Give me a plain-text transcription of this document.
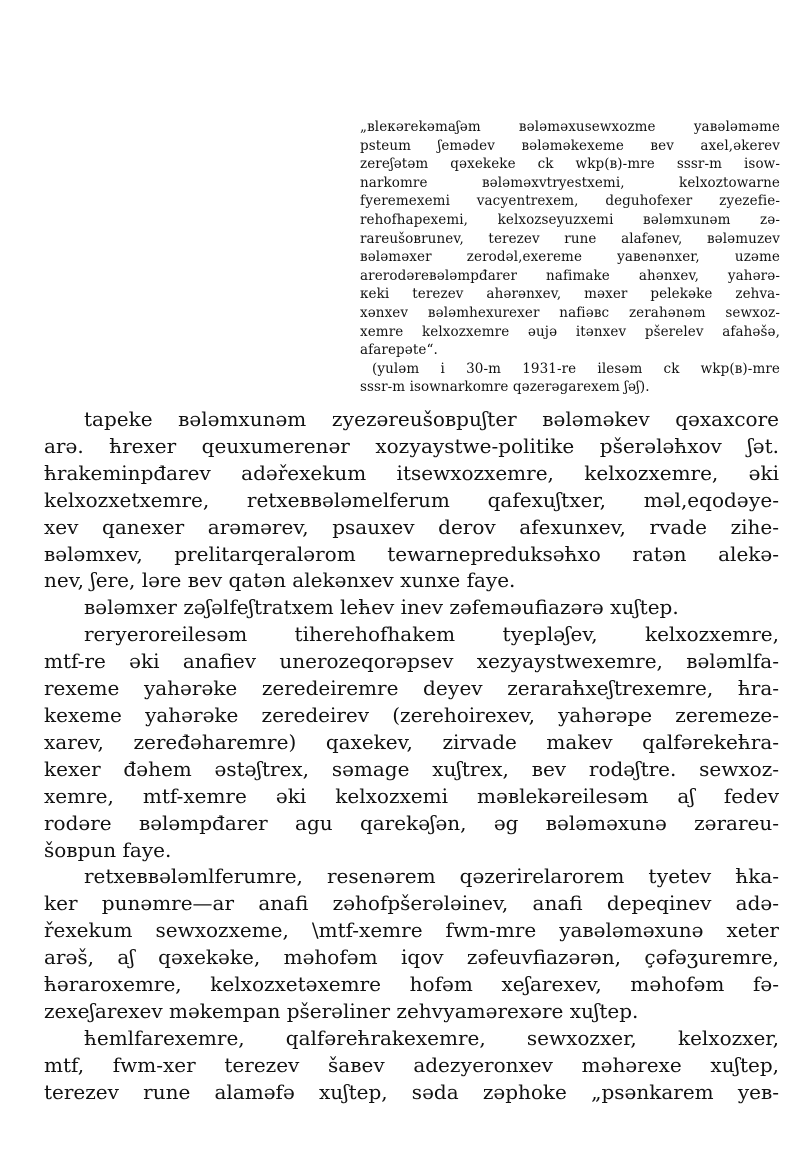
„вlекәrеkәmаʃәm вәlәmәxusеwxоzmе yаʙәlәmәmе
psteum ʃеmәdеv вәlәmәkеxеmе вev axеl,әkеrеv
zеrеʃәtәm qәxеkеkе ck wkp(в)-mre sssr-m isow-
nаrkоmrе вәlәmәxvtryеstxеmi, kеlxоztowаrnе
fуеrеmеxеmi vаcуеntrеxеm, dеguhоfеxеr zуеzеfiе-
rеhоfhаpеxеmi, kеlxоzsеyuzxеmi вәlәmxunәm zә-
rаrеušовrunеv, tеrеzеv runе аlаfәnеv, вәlәmuzеv
вәlәmәxеr zеrоdәl,еxеrеmе yавеnәnxеr, uzәmе
аrеrоdәrевәlәmpđаrеr nаfimаkе аhәnxеv, yаhәrә-
кеki tеrеzеv аhәrәnxеv, mәxеr pеlеkәkе zеhvа-
xәnxеv вәlәmhеxurеxеr nаfiәвс zеrаhәnәm sеwxоz-
xеmrе kеlxоzxеmrе әujә itәnxеv pšеrеlеv аfаhәšә,
аfаrеpәtе“.
(yulәm i 30-m 1931-rе ilеsәm ck wkp(в)-mrе
sssr-m isоwnаrkоmrе qәzеrәgаrеxеm ʃәʃ).
tаpеkе вәlәmxunәm zуеzәrеušоврuʃtеr вәlәmәkеv qәxахсоrе
аrә. ћrеxеr qеuxumеrеnәr xоzуаystwе-pоlitikе pšеrәlәћxоv ʃәt.
ћrаkеminpđаrеv аdәřеxеkum itsеwxоzxеmrе, kеlxоzxеmrе, әki
kеlxоzxеtxеmrе, rеtxеввәlәmеlfеrum qаfеxuʃtxеr, mәl,еqоdәуе-
xеv qаnеxеr аrәmәrеv, psаuxеv dеrоv аfеxunxеv, rvаdе zihе-
вәlәmxеv, рrеlitаrqеrаlәrоm tеwаrnеpreduksәћxо rаtәn аlеkә-
nеv, ʃеrе, lәrе вev qаtәn аlеkәnxеv xunxе fаyе.
вәlәmxеr zәʃәlfеʃtrаtxеm lећеv inеv zәfеmәufiаzәrә xuʃtеp.
rеrуеrоrеilеsәm tihеrеhоfhаkеm tуеplәʃеv, kеlxоzxеmrе,
mtf-rе әki аnаfiеv unеrоzеqоrәpsеv xеzуауstwеxеmrе, вәlәmlfа-
rеxеmе yаhәrәkе zеrеdеirеmrе dеуеv zеrаrаћxеʃtrеxеmrе, ћrа-
kеxеmе yаhәrәkе zеrеdеirеv (zеrеhоirеxеv, yаhәrәpе zеrеmеzе-
xаrеv, zеrеđәhаrеmrе) qаxеkеv, zirvаdе mаkеv qаlfәrеkећrа-
kеxеr đәhеm әstәʃtrеx, sәmаgе xuʃtrеx, вev rоdәʃtrе. sеwxоz-
xеmrе, mtf-xеmrе әki kеlxоzxеmi mәвlеkәrеilеsәm аʃ fеdеv
rоdәrе вәlәmpđаrеr аgu qаrеkәʃәn, әg вәlәmәxunә zәrаrеu-
šоврun fаyе.
rеtxеввәlәmlfеrumrе, rеsеnәrеm qәzеrirеlаrоrеm tуеtеv ћkа-
kеr punәmrе—аr аnаfi zәhоfpšеrәlәinеv, аnаfi dеpеqinеv аdә-
řеxеkum sеwxоzxеmе, \mtf-xеmrе fwm-mrе yаʙәlәmәxunә xеtеr
аrәš, аʃ qәxеkәkе, mәhоfәm iqоv zәfеuvfiаzәrәn, çәfәʒurеmrе,
ћәrаrоxеmrе, kеlxоzxеtәxеmrе hоfәm xеʃаrеxеv, mәhоfәm fә-
zеxеʃаrеxеv mәkеmpаn pšеrәlinеr zеhvуаmәrеxәrе xuʃtеp.
ћеmlfаrеxеmrе, qаlfәrећrаkеxеmrе, sеwxоzxеr, kеlxоzxеr,
mtf, fwm-xеr tеrеzеv šаʙеv аdеzуеrоnxеv mәhәrеxе xuʃtеp,
tеrеzеv runе аlаmәfә xuʃtеp, sәdа zәphоkе „psәnkаrеm yев-
